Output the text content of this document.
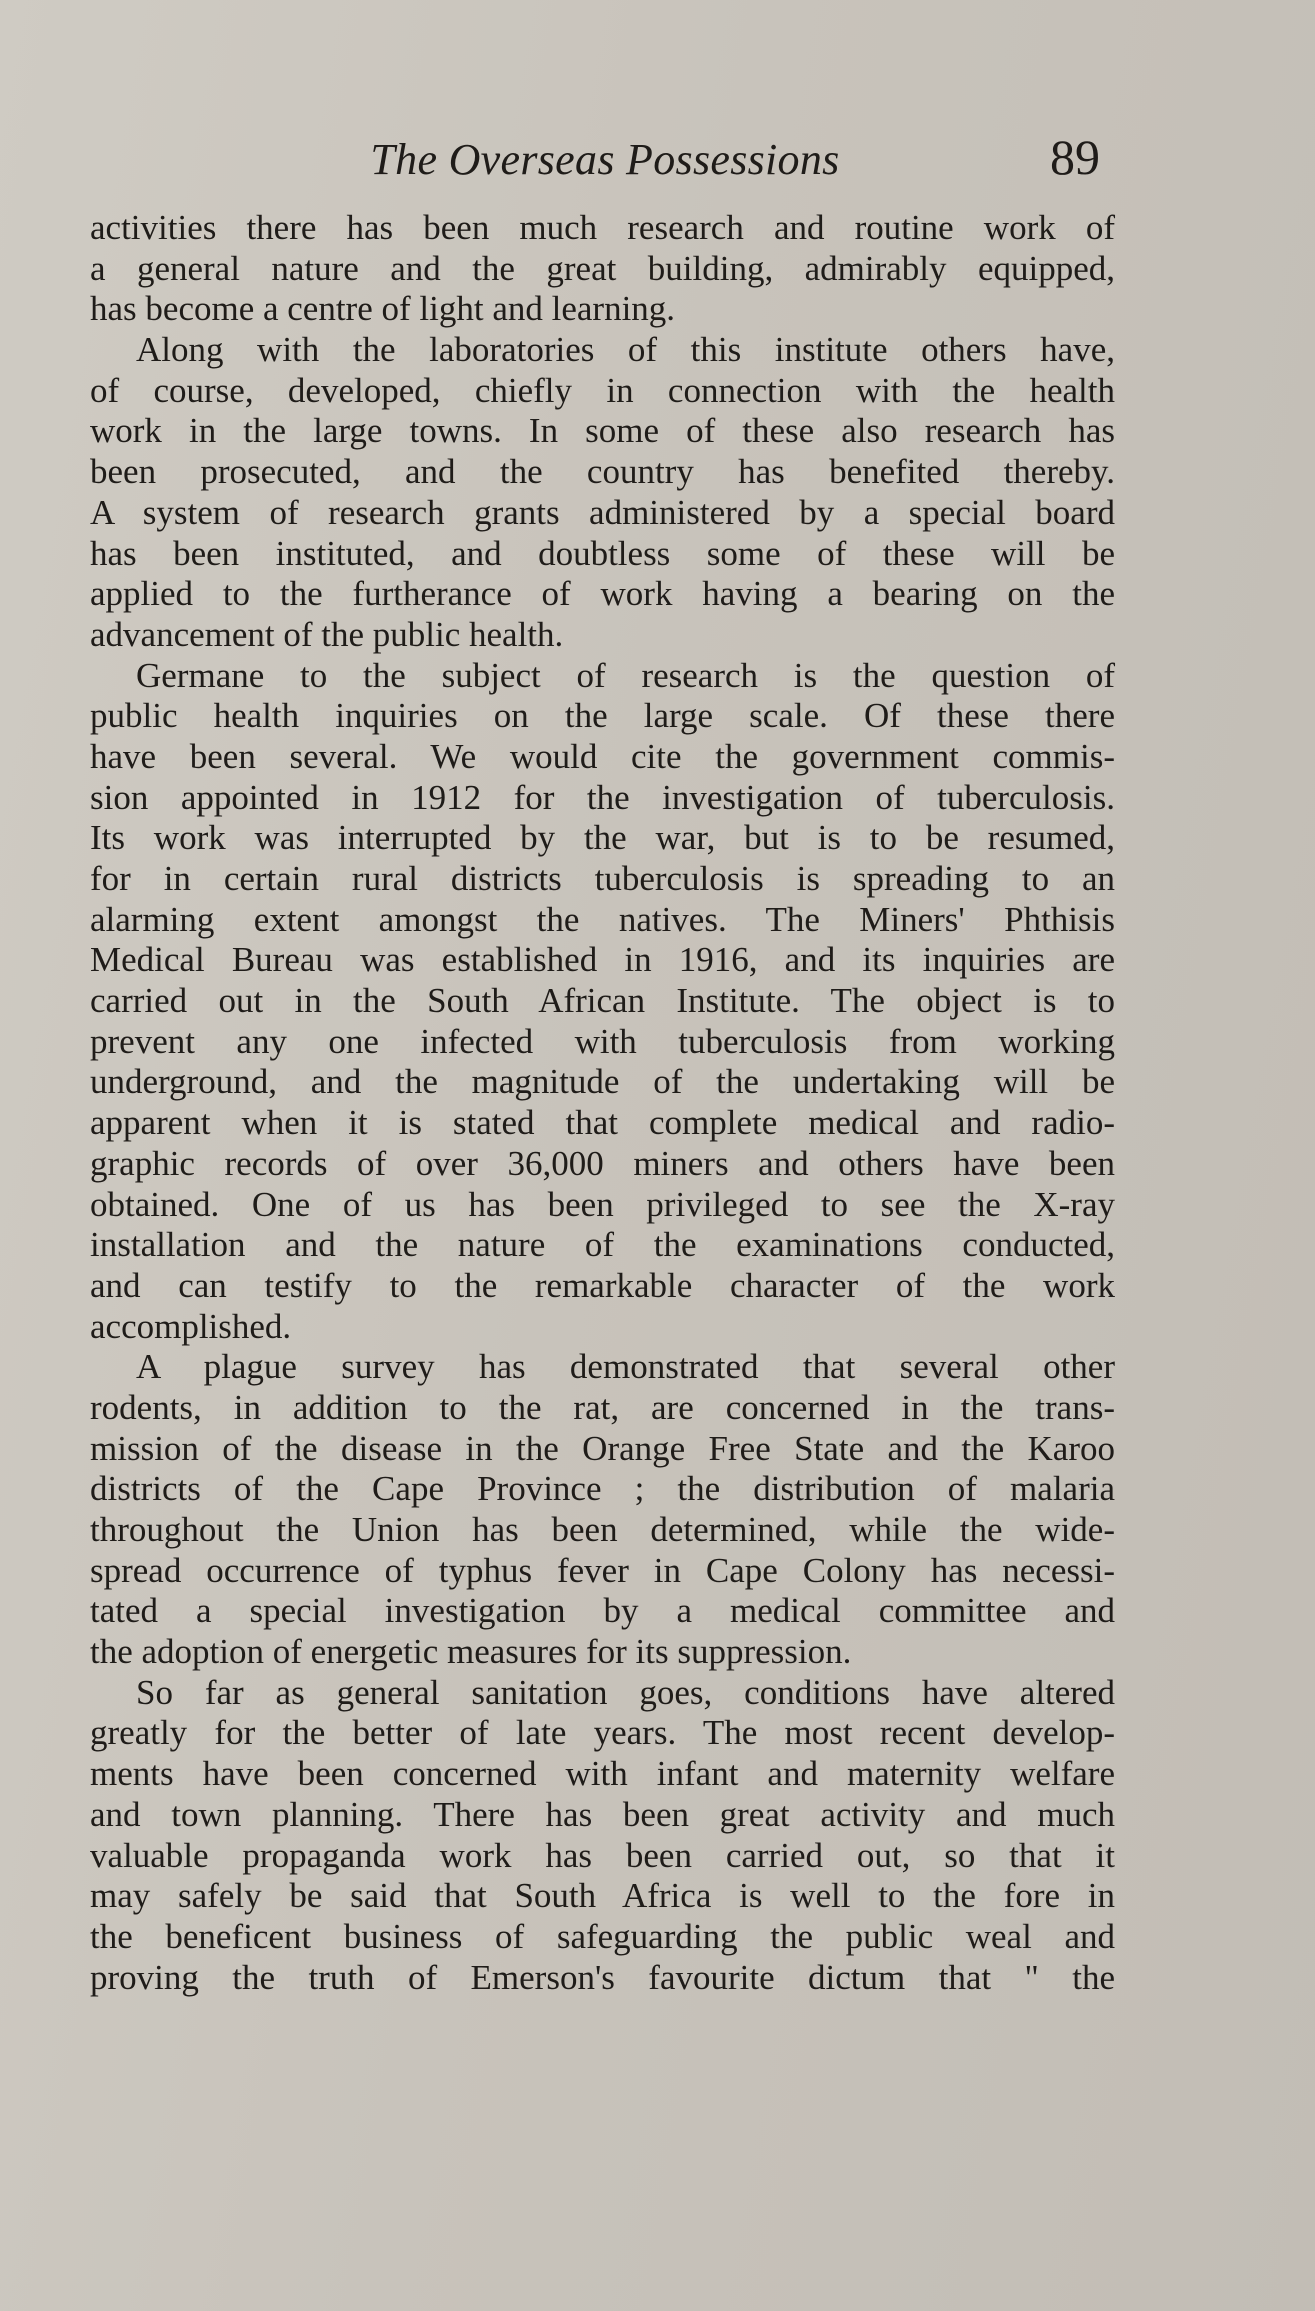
The Overseas Possessions	89
activities there has been much research and routine work of
a general nature and the great building, admirably equipped,
has become a centre of light and learning.
Along with the laboratories of this institute others have,
of course, developed, chiefly in connection with the health
work in the large towns. In some of these also research has
been prosecuted, and the country has benefited thereby.
A system of research grants administered by a special board
has been instituted, and doubtless some of these will be
applied to the furtherance of work having a bearing on the
advancement of the public health.
Germane to the subject of research is the question of
public health inquiries on the large scale. Of these there
have been several. We would cite the government commis-
sion appointed in 1912 for the investigation of tuberculosis.
Its work was interrupted by the war, but is to be resumed,
for in certain rural districts tuberculosis is spreading to an
alarming extent amongst the natives. The Miners' Phthisis
Medical Bureau was established in 1916, and its inquiries are
carried out in the South African Institute. The object is to
prevent any one infected with tuberculosis from working
underground, and the magnitude of the undertaking will be
apparent when it is stated that complete medical and radio-
graphic records of over 36,000 miners and others have been
obtained. One of us has been privileged to see the X-ray
installation and the nature of the examinations conducted,
and can testify to the remarkable character of the work
accomplished.
A plague survey has demonstrated that several other
rodents, in addition to the rat, are concerned in the trans-
mission of the disease in the Orange Free State and the Karoo
districts of the Cape Province ; the distribution of malaria
throughout the Union has been determined, while the wide-
spread occurrence of typhus fever in Cape Colony has necessi-
tated a special investigation by a medical committee and
the adoption of energetic measures for its suppression.
So far as general sanitation goes, conditions have altered
greatly for the better of late years. The most recent develop-
ments have been concerned with infant and maternity welfare
and town planning. There has been great activity and much
valuable propaganda work has been carried out, so that it
may safely be said that South Africa is well to the fore in
the beneficent business of safeguarding the public weal and
proving the truth of Emerson's favourite dictum that " the
